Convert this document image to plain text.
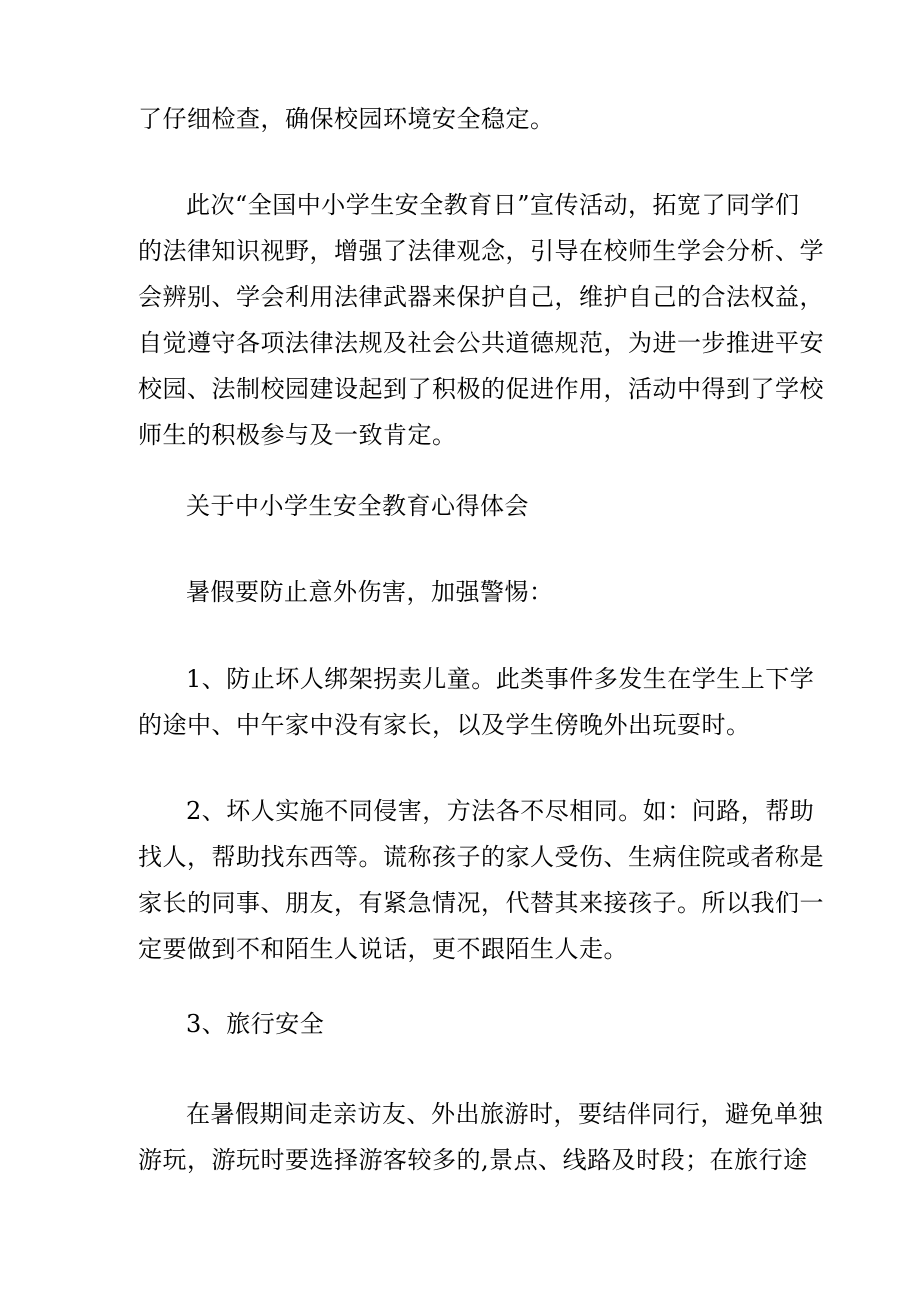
了仔细检查，确保校园环境安全稳定。
此次“全国中小学生安全教育日”宣传活动，拓宽了同学们
的法律知识视野，增强了法律观念，引导在校师生学会分析、学
会辨别、学会利用法律武器来保护自己，维护自己的合法权益，
自觉遵守各项法律法规及社会公共道德规范，为进一步推进平安
校园、法制校园建设起到了积极的促进作用，活动中得到了学校
师生的积极参与及一致肯定。
关于中小学生安全教育心得体会
暑假要防止意外伤害，加强警惕：
1、防止坏人绑架拐卖儿童。此类事件多发生在学生上下学
的途中、中午家中没有家长，以及学生傍晚外出玩耍时。
2、坏人实施不同侵害，方法各不尽相同。如：问路，帮助
找人，帮助找东西等。谎称孩子的家人受伤、生病住院或者称是
家长的同事、朋友，有紧急情况，代替其来接孩子。所以我们一
定要做到不和陌生人说话，更不跟陌生人走。
3、旅行安全
在暑假期间走亲访友、外出旅游时，要结伴同行，避免单独
游玩，游玩时要选择游客较多的,景点、线路及时段；在旅行途
